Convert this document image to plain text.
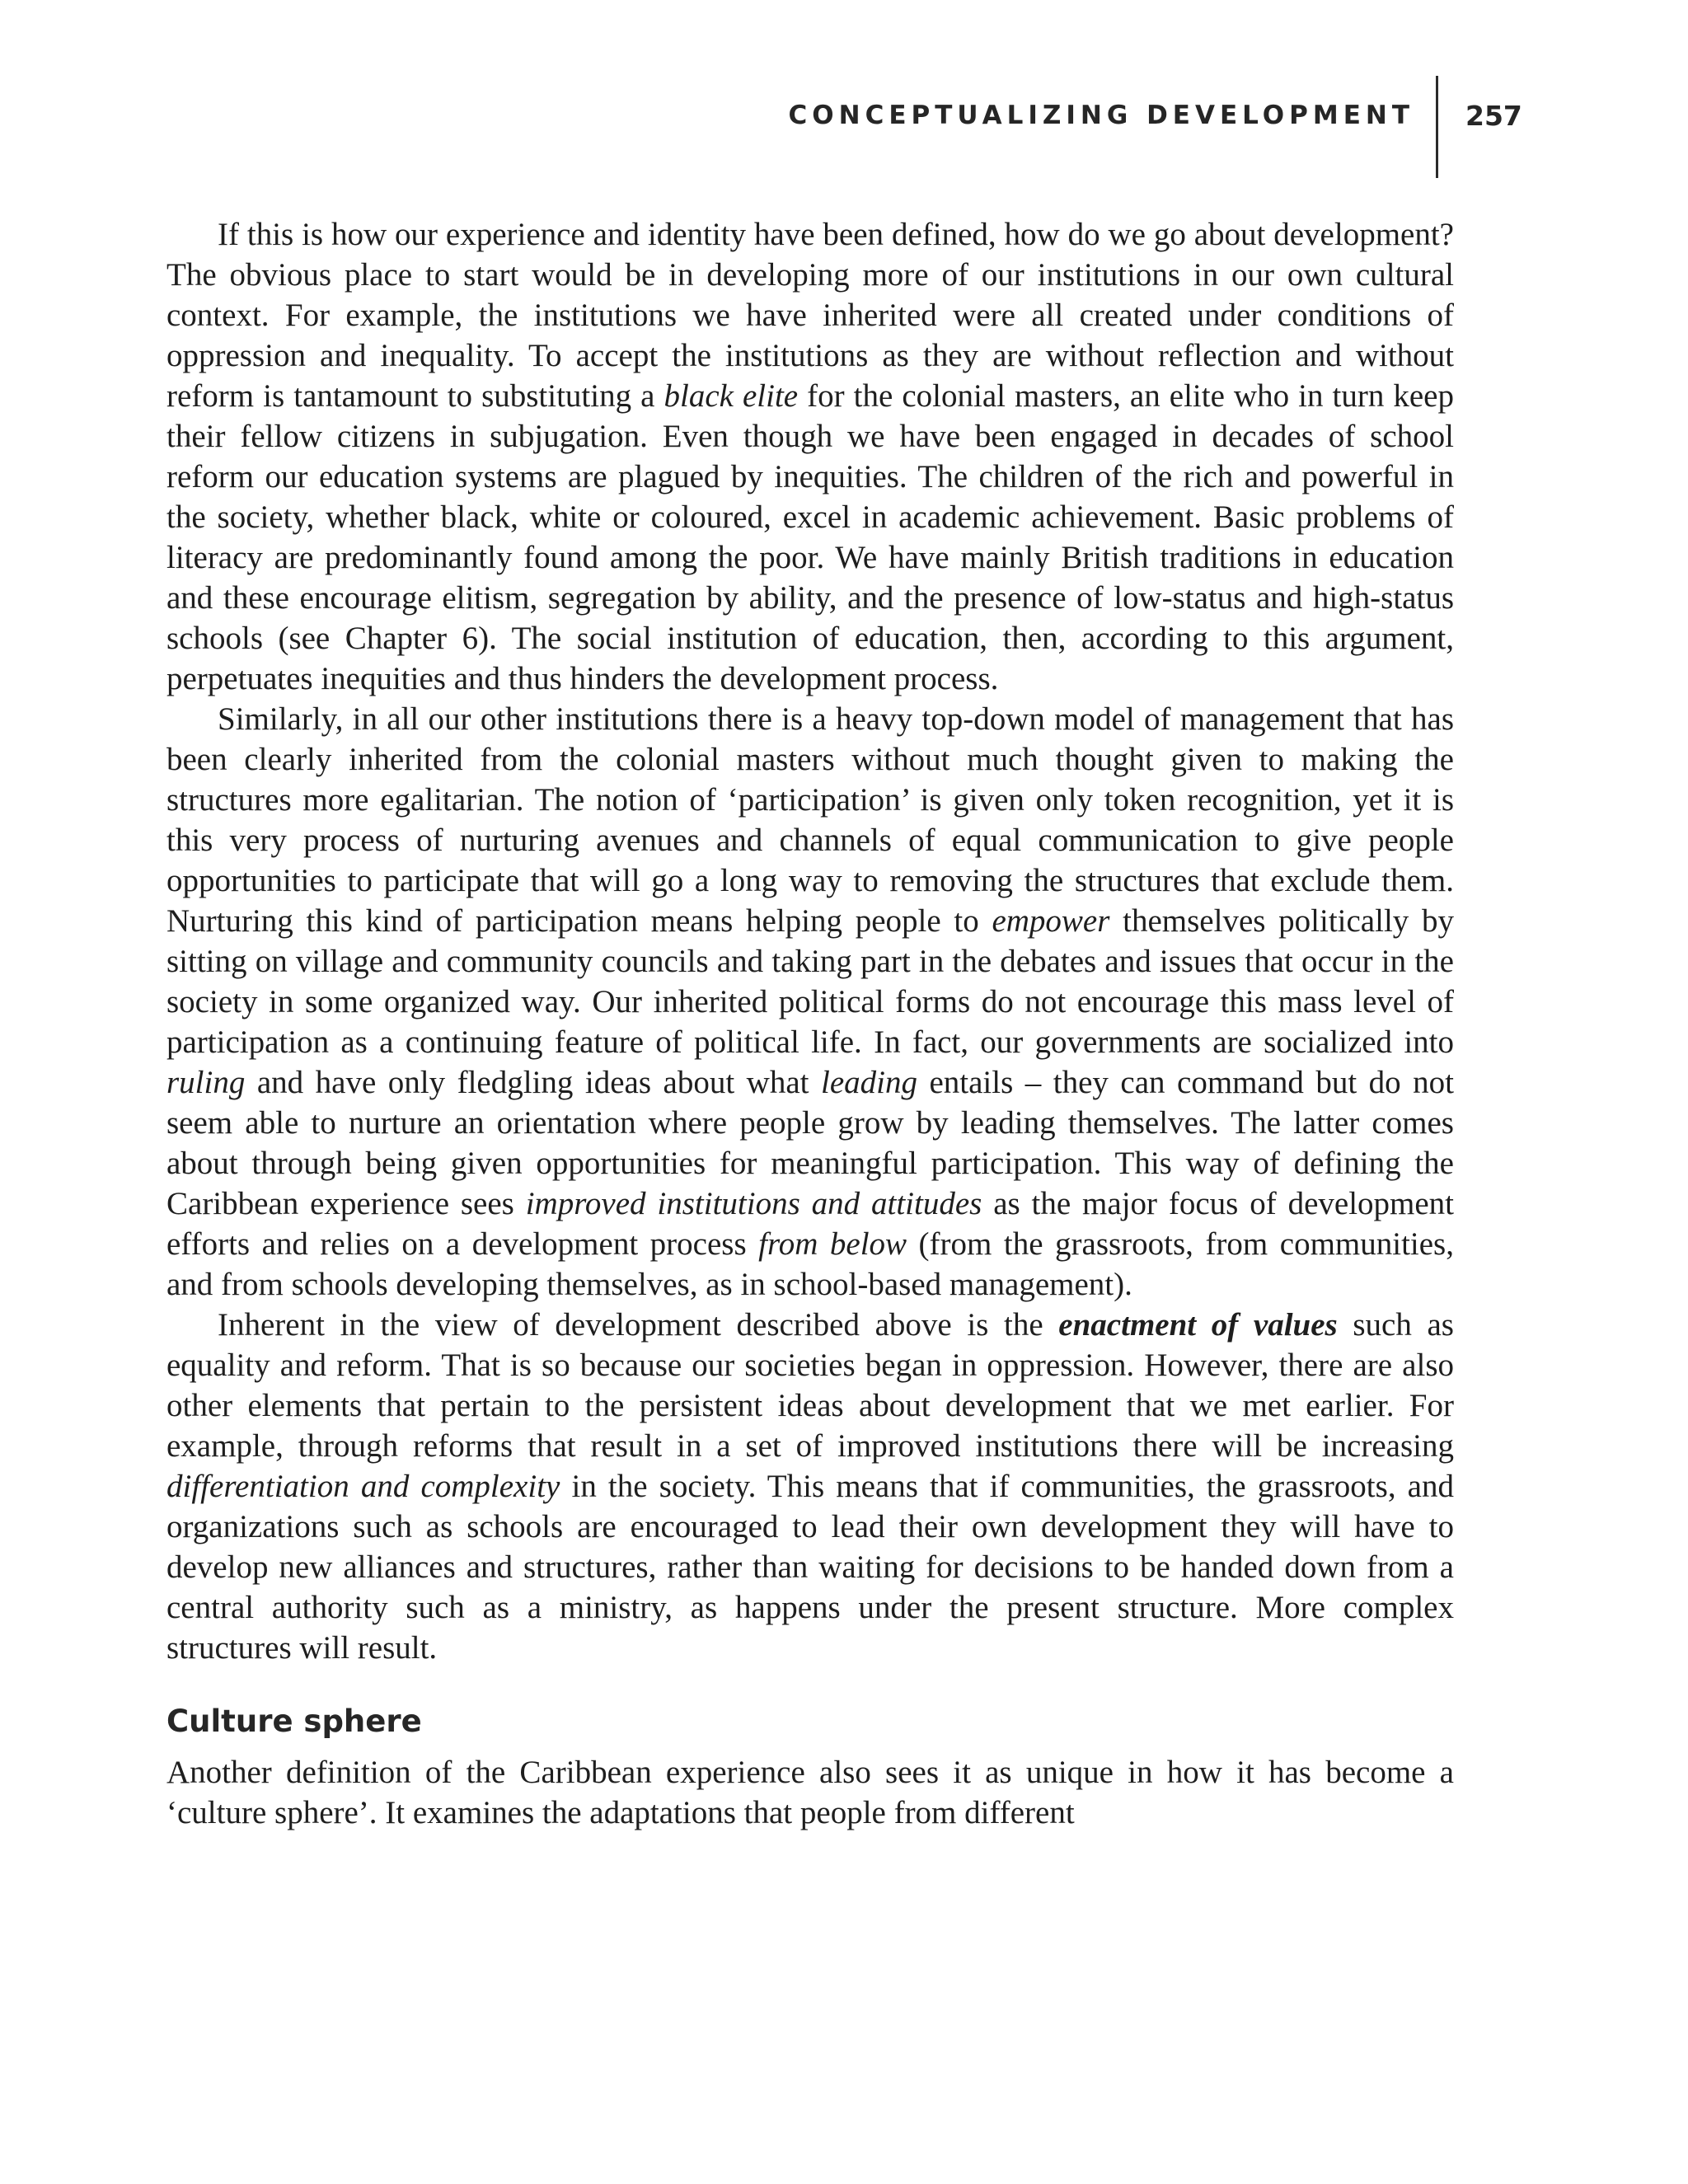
CONCEPTUALIZING DEVELOPMENT 257

If this is how our experience and identity have been defined, how do we go about development? The obvious place to start would be in developing more of our institutions in our own cultural context. For example, the institutions we have inherited were all created under conditions of oppression and inequality. To accept the institutions as they are without reflection and without reform is tantamount to substituting a black elite for the colonial masters, an elite who in turn keep their fellow citizens in subjugation. Even though we have been engaged in decades of school reform our education systems are plagued by inequities. The children of the rich and powerful in the society, whether black, white or coloured, excel in academic achievement. Basic problems of literacy are predominantly found among the poor. We have mainly British traditions in education and these encourage elitism, segregation by ability, and the presence of low-status and high-status schools (see Chapter 6). The social institution of education, then, according to this argument, perpetuates inequities and thus hinders the development process.

Similarly, in all our other institutions there is a heavy top-down model of management that has been clearly inherited from the colonial masters without much thought given to making the structures more egalitarian. The notion of ‘participation’ is given only token recognition, yet it is this very process of nurturing avenues and channels of equal communication to give people opportunities to participate that will go a long way to removing the structures that exclude them. Nurturing this kind of participation means helping people to empower themselves politically by sitting on village and community councils and taking part in the debates and issues that occur in the society in some organized way. Our inherited political forms do not encourage this mass level of participation as a continuing feature of political life. In fact, our governments are socialized into ruling and have only fledgling ideas about what leading entails – they can command but do not seem able to nurture an orientation where people grow by leading themselves. The latter comes about through being given opportunities for meaningful participation. This way of defining the Caribbean experience sees improved institutions and attitudes as the major focus of development efforts and relies on a development process from below (from the grassroots, from communities, and from schools developing themselves, as in school-based management).

Inherent in the view of development described above is the enactment of values such as equality and reform. That is so because our societies began in oppression. However, there are also other elements that pertain to the persistent ideas about development that we met earlier. For example, through reforms that result in a set of improved institutions there will be increasing differentiation and complexity in the society. This means that if communities, the grassroots, and organizations such as schools are encouraged to lead their own development they will have to develop new alliances and structures, rather than waiting for decisions to be handed down from a central authority such as a ministry, as happens under the present structure. More complex structures will result.

Culture sphere

Another definition of the Caribbean experience also sees it as unique in how it has become a ‘culture sphere’. It examines the adaptations that people from different
